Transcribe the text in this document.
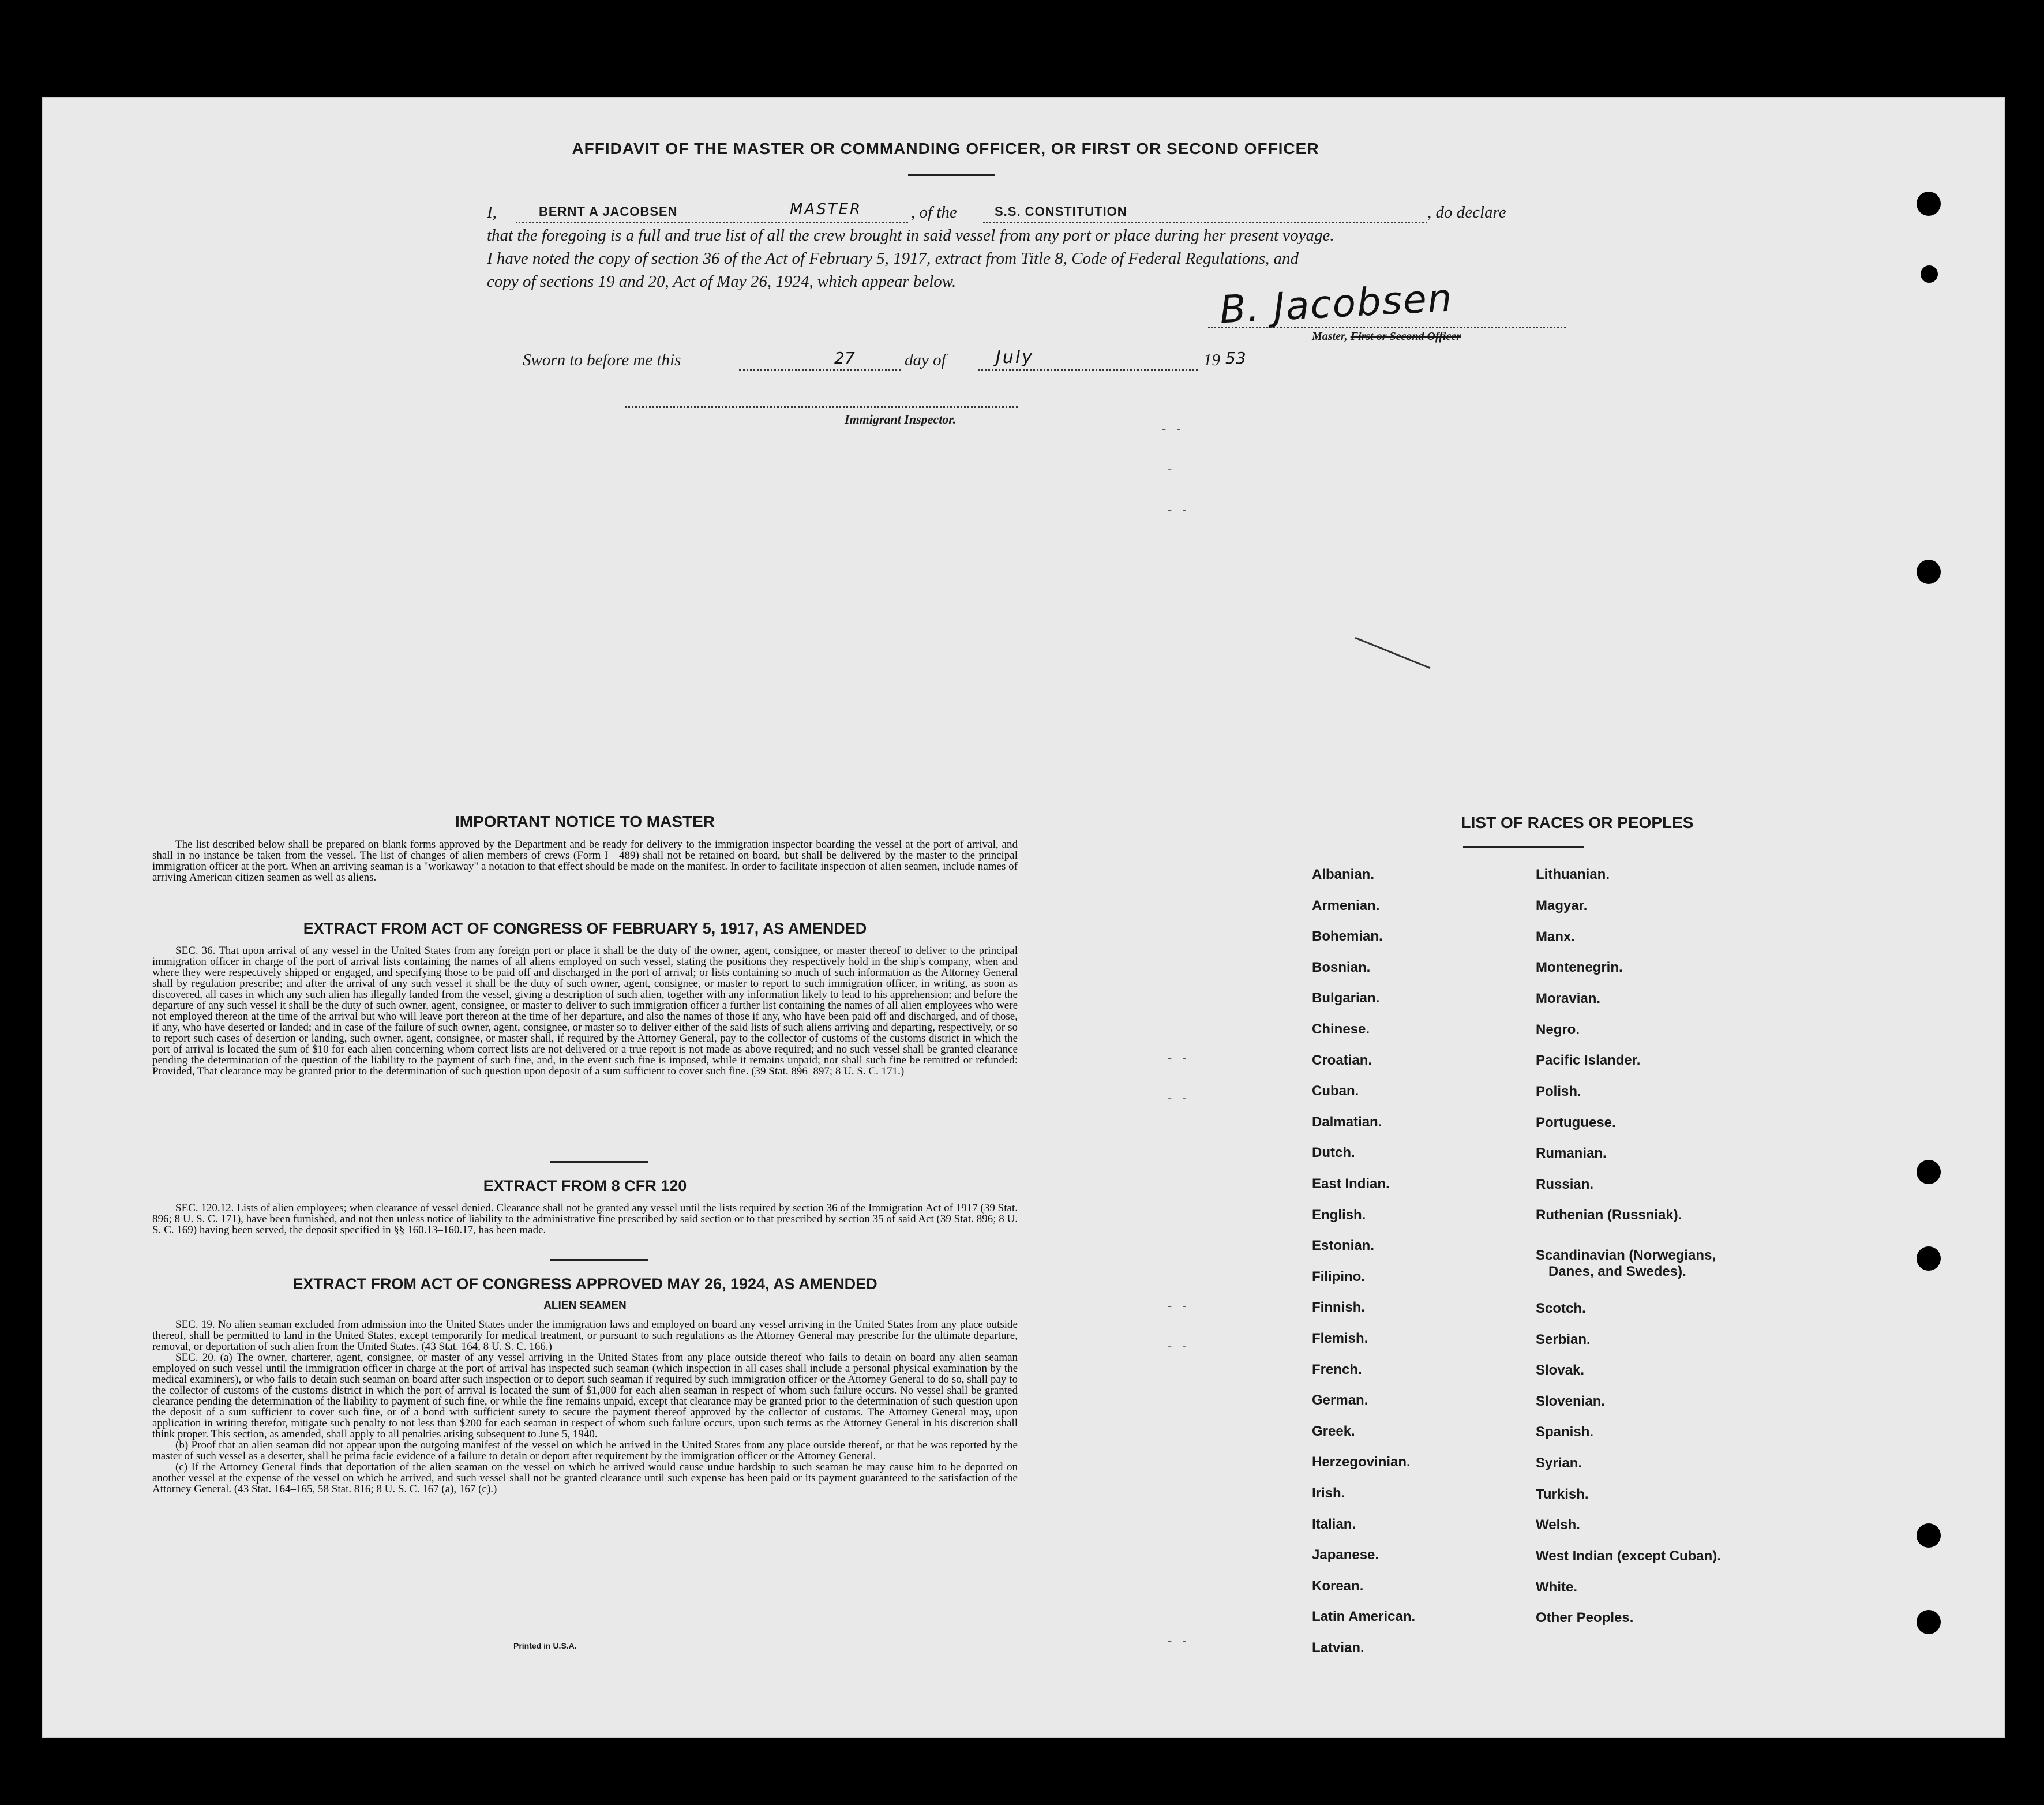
AFFIDAVIT OF THE MASTER OR COMMANDING OFFICER, OR FIRST OR SECOND OFFICER
I,	BERNT A JACOBSEN	MASTER	, of the	S.S. CONSTITUTION	, do declare
that the foregoing is a full and true list of all the crew brought in said vessel from any port or place during her present voyage.
I have noted the copy of section 36 of the Act of February 5, 1917, extract from Title 8, Code of Federal Regulations, and
copy of sections 19 and 20, Act of May 26, 1924, which appear below.	B. Jacobsen
Master, First or Second Officer
Sworn to before me this	27	day of	July	19 53
Immigrant Inspector.
- -
-
- -
- -
- -
- -
- -
- -
IMPORTANT NOTICE TO MASTER
The list described below shall be prepared on blank forms approved by the Department and be ready for delivery to the immigration inspector boarding the vessel at the port of arrival, and shall in no instance be taken from the vessel. The list of changes of alien members of crews (Form I—489) shall not be retained on board, but shall be delivered by the master to the principal immigration officer at the port. When an arriving seaman is a "workaway" a notation to that effect should be made on the manifest. In order to facilitate inspection of alien seamen, include names of arriving American citizen seamen as well as aliens.
EXTRACT FROM ACT OF CONGRESS OF FEBRUARY 5, 1917, AS AMENDED
SEC. 36. That upon arrival of any vessel in the United States from any foreign port or place it shall be the duty of the owner, agent, consignee, or master thereof to deliver to the principal immigration officer in charge of the port of arrival lists containing the names of all aliens employed on such vessel, stating the positions they respectively hold in the ship's company, when and where they were respectively shipped or engaged, and specifying those to be paid off and discharged in the port of arrival; or lists containing so much of such information as the Attorney General shall by regulation prescribe; and after the arrival of any such vessel it shall be the duty of such owner, agent, consignee, or master to report to such immigration officer, in writing, as soon as discovered, all cases in which any such alien has illegally landed from the vessel, giving a description of such alien, together with any information likely to lead to his apprehension; and before the departure of any such vessel it shall be the duty of such owner, agent, consignee, or master to deliver to such immigration officer a further list containing the names of all alien employees who were not employed thereon at the time of the arrival but who will leave port thereon at the time of her departure, and also the names of those if any, who have been paid off and discharged, and of those, if any, who have deserted or landed; and in case of the failure of such owner, agent, consignee, or master so to deliver either of the said lists of such aliens arriving and departing, respectively, or so to report such cases of desertion or landing, such owner, agent, consignee, or master shall, if required by the Attorney General, pay to the collector of customs of the customs district in which the port of arrival is located the sum of $10 for each alien concerning whom correct lists are not delivered or a true report is not made as above required; and no such vessel shall be granted clearance pending the determination of the question of the liability to the payment of such fine, and, in the event such fine is imposed, while it remains unpaid; nor shall such fine be remitted or refunded: Provided, That clearance may be granted prior to the determination of such question upon deposit of a sum sufficient to cover such fine. (39 Stat. 896–897; 8 U. S. C. 171.)
EXTRACT FROM 8 CFR 120
SEC. 120.12. Lists of alien employees; when clearance of vessel denied. Clearance shall not be granted any vessel until the lists required by section 36 of the Immigration Act of 1917 (39 Stat. 896; 8 U. S. C. 171), have been furnished, and not then unless notice of liability to the administrative fine prescribed by said section or to that prescribed by section 35 of said Act (39 Stat. 896; 8 U. S. C. 169) having been served, the deposit specified in §§ 160.13–160.17, has been made.
EXTRACT FROM ACT OF CONGRESS APPROVED MAY 26, 1924, AS AMENDED
ALIEN SEAMEN
SEC. 19. No alien seaman excluded from admission into the United States under the immigration laws and employed on board any vessel arriving in the United States from any place outside thereof, shall be permitted to land in the United States, except temporarily for medical treatment, or pursuant to such regulations as the Attorney General may prescribe for the ultimate departure, removal, or deportation of such alien from the United States. (43 Stat. 164, 8 U. S. C. 166.)
SEC. 20. (a) The owner, charterer, agent, consignee, or master of any vessel arriving in the United States from any place outside thereof who fails to detain on board any alien seaman employed on such vessel until the immigration officer in charge at the port of arrival has inspected such seaman (which inspection in all cases shall include a personal physical examination by the medical examiners), or who fails to detain such seaman on board after such inspection or to deport such seaman if required by such immigration officer or the Attorney General to do so, shall pay to the collector of customs of the customs district in which the port of arrival is located the sum of $1,000 for each alien seaman in respect of whom such failure occurs. No vessel shall be granted clearance pending the determination of the liability to payment of such fine, or while the fine remains unpaid, except that clearance may be granted prior to the determination of such question upon the deposit of a sum sufficient to cover such fine, or of a bond with sufficient surety to secure the payment thereof approved by the collector of customs. The Attorney General may, upon application in writing therefor, mitigate such penalty to not less than $200 for each seaman in respect of whom such failure occurs, upon such terms as the Attorney General in his discretion shall think proper. This section, as amended, shall apply to all penalties arising subsequent to June 5, 1940.
(b) Proof that an alien seaman did not appear upon the outgoing manifest of the vessel on which he arrived in the United States from any place outside thereof, or that he was reported by the master of such vessel as a deserter, shall be prima facie evidence of a failure to detain or deport after requirement by the immigration officer or the Attorney General.
(c) If the Attorney General finds that deportation of the alien seaman on the vessel on which he arrived would cause undue hardship to such seaman he may cause him to be deported on another vessel at the expense of the vessel on which he arrived, and such vessel shall not be granted clearance until such expense has been paid or its payment guaranteed to the satisfaction of the Attorney General. (43 Stat. 164–165, 58 Stat. 816; 8 U. S. C. 167 (a), 167 (c).)
Printed in U.S.A.
LIST OF RACES OR PEOPLES
Albanian.
Armenian.
Bohemian.
Bosnian.
Bulgarian.
Chinese.
Croatian.
Cuban.
Dalmatian.
Dutch.
East Indian.
English.
Estonian.
Filipino.
Finnish.
Flemish.
French.
German.
Greek.
Herzegovinian.
Irish.
Italian.
Japanese.
Korean.
Latin American.
Latvian.
Lithuanian.
Magyar.
Manx.
Montenegrin.
Moravian.
Negro.
Pacific Islander.
Polish.
Portuguese.
Rumanian.
Russian.
Ruthenian (Russniak).
Scandinavian (Norwegians,
Danes, and Swedes).
Scotch.
Serbian.
Slovak.
Slovenian.
Spanish.
Syrian.
Turkish.
Welsh.
West Indian (except Cuban).
White.
Other Peoples.
